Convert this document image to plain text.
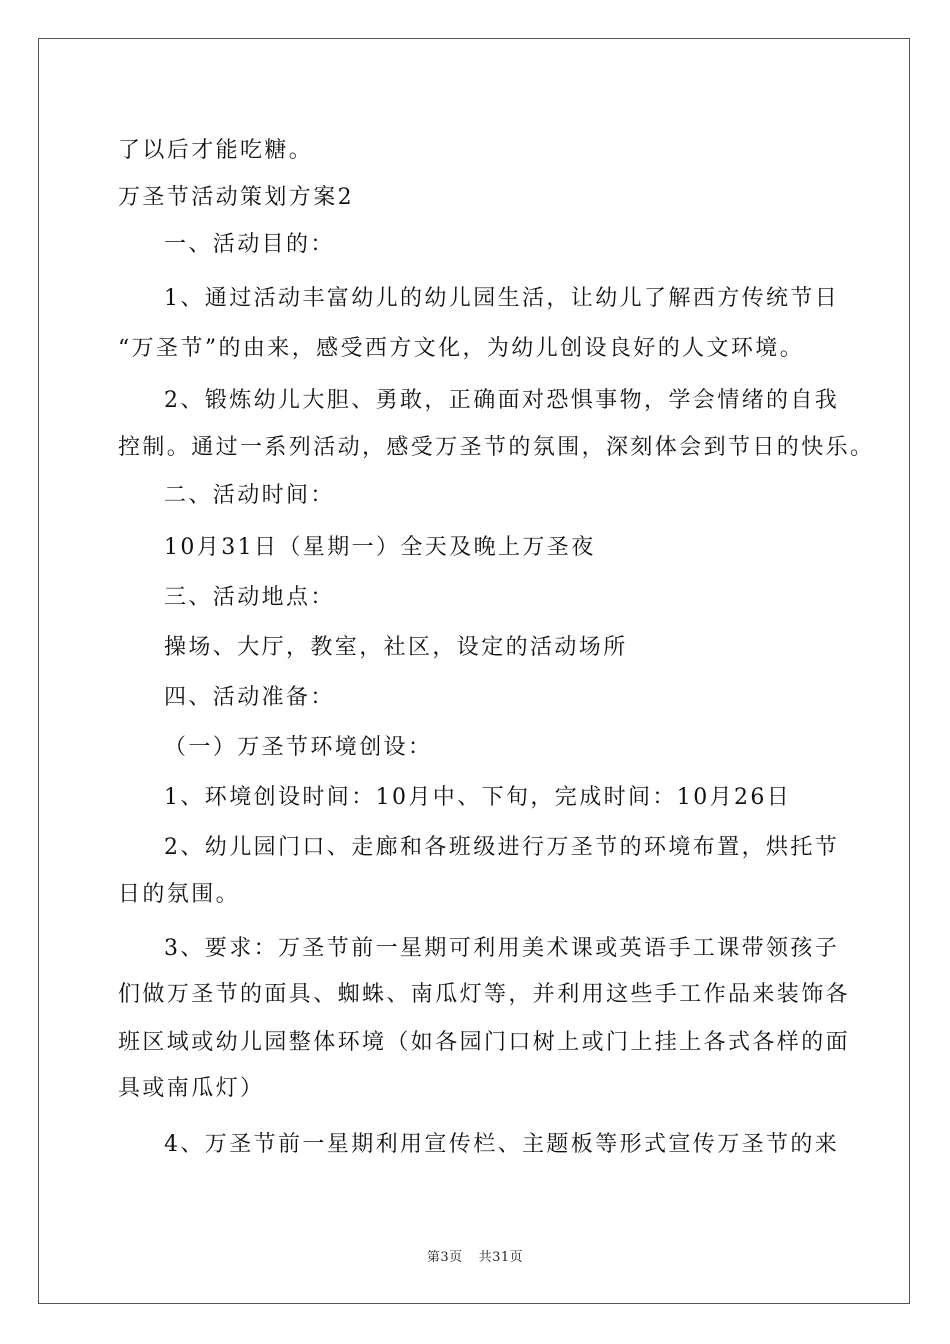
了以后才能吃糖。
万圣节活动策划方案2
一、活动目的：
1、通过活动丰富幼儿的幼儿园生活，让幼儿了解西方传统节日
“万圣节”的由来，感受西方文化，为幼儿创设良好的人文环境。
2、锻炼幼儿大胆、勇敢，正确面对恐惧事物，学会情绪的自我
控制。通过一系列活动，感受万圣节的氛围，深刻体会到节日的快乐。
二、活动时间：
10月31日（星期一）全天及晚上万圣夜
三、活动地点：
操场、大厅，教室，社区，设定的活动场所
四、活动准备：
（一）万圣节环境创设：
1、环境创设时间：10月中、下旬，完成时间：10月26日
2、幼儿园门口、走廊和各班级进行万圣节的环境布置，烘托节
日的氛围。
3、要求：万圣节前一星期可利用美术课或英语手工课带领孩子
们做万圣节的面具、蜘蛛、南瓜灯等，并利用这些手工作品来装饰各
班区域或幼儿园整体环境（如各园门口树上或门上挂上各式各样的面
具或南瓜灯）
4、万圣节前一星期利用宣传栏、主题板等形式宣传万圣节的来
第3页 共31页
